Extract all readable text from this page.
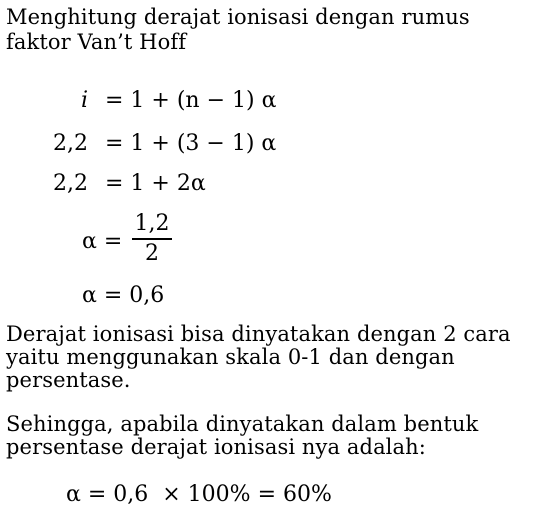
Menghitung derajat ionisasi dengan rumus

faktor Van’t Hoff

i = 1 + (n − 1) α
2,2 = 1 + (3 − 1) α
2,2 = 1 + 2α
α =
1,2
2
α = 0,6

Derajat ionisasi bisa dinyatakan dengan 2 cara

yaitu menggunakan skala 0-1 dan dengan

persentase.

Sehingga, apabila dinyatakan dalam bentuk

persentase derajat ionisasi nya adalah:

α = 0,6  × 100% = 60%
